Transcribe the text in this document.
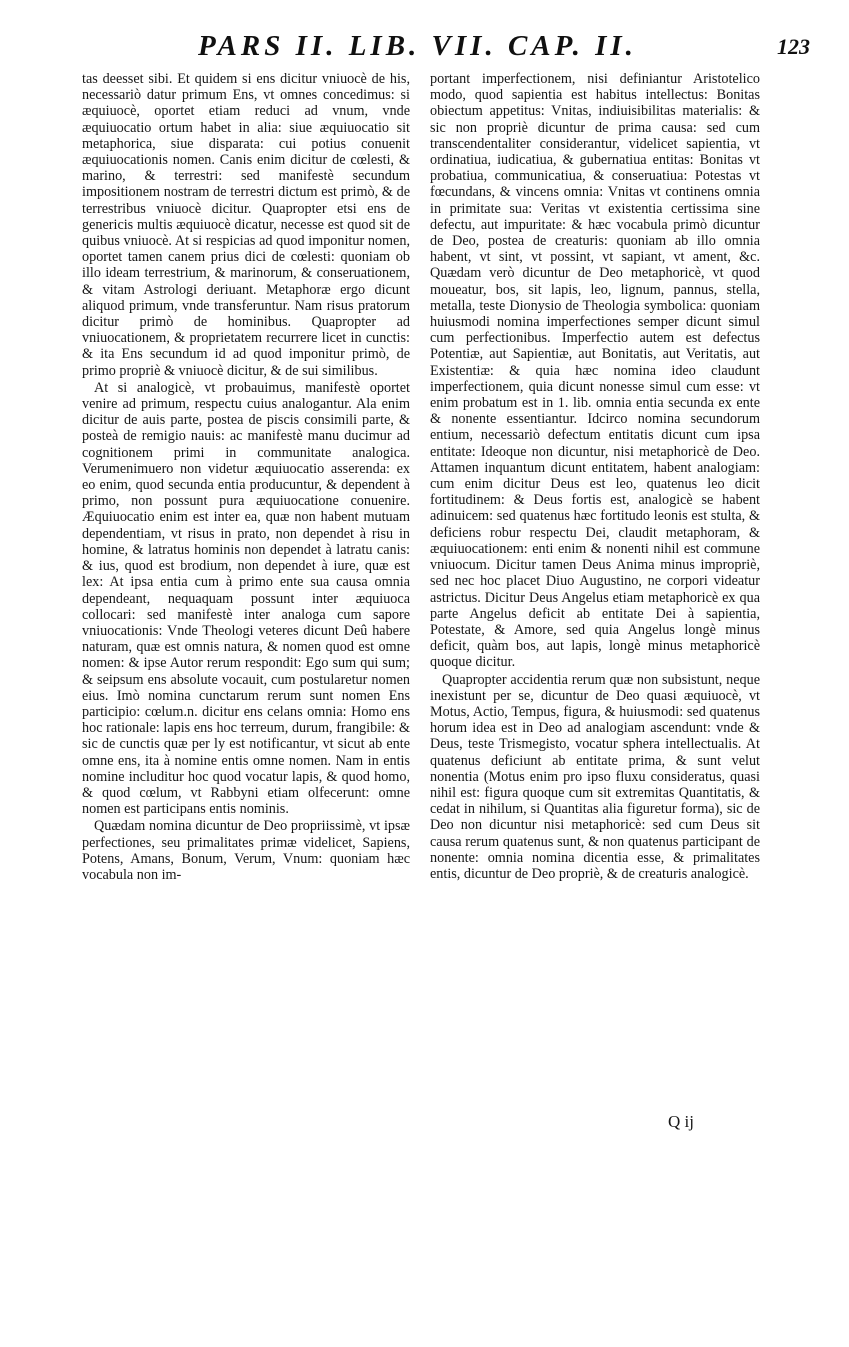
PARS II. LIB. VII. CAP. II.	123

tas deesset sibi. Et quidem si ens dicitur vniuocè de his, necessariò datur primum Ens, vt omnes concedimus: si æquiuocè, oportet etiam reduci ad vnum, vnde æquiuocatio ortum habet in alia: siue æquiuocatio sit metaphorica, siue disparata: cui potius conuenit æquiuocationis nomen. Canis enim dicitur de cœlesti, & marino, & terrestri: sed manifestè secundum impositionem nostram de terrestri dictum est primò, & de terrestribus vniuocè dicitur. Quapropter etsi ens de genericis multis æquiuocè dicatur, necesse est quod sit de quibus vniuocè. At si respicias ad quod imponitur nomen, oportet tamen canem prius dici de cœlesti: quoniam ob illo ideam terrestrium, & marinorum, & conseruationem, & vitam Astrologi deriuant. Metaphoræ ergo dicunt aliquod primum, vnde transferuntur. Nam risus pratorum dicitur primò de hominibus. Quapropter ad vniuocationem, & proprietatem recurrere licet in cunctis: & ita Ens secundum id ad quod imponitur primò, de primo propriè & vniuocè dicitur, & de sui similibus.

At si analogicè, vt probauimus, manifestè oportet venire ad primum, respectu cuius analogantur. Ala enim dicitur de auis parte, postea de piscis consimili parte, & posteà de remigio nauis: ac manifestè manu ducimur ad cognitionem primi in communitate analogica. Verumenimuero non videtur æquiuocatio asserenda: ex eo enim, quod secunda entia producuntur, & dependent à primo, non possunt pura æquiuocatione conuenire. Æquiuocatio enim est inter ea, quæ non habent mutuam dependentiam, vt risus in prato, non dependet à risu in homine, & latratus hominis non dependet à latratu canis: & ius, quod est brodium, non dependet à iure, quæ est lex: At ipsa entia cum à primo ente sua causa omnia dependeant, nequaquam possunt inter æquiuoca collocari: sed manifestè inter analoga cum sapore vniuocationis: Vnde Theologi veteres dicunt Deû habere naturam, quæ est omnis natura, & nomen quod est omne nomen: & ipse Autor rerum respondit: Ego sum qui sum; & seipsum ens absolute vocauit, cum postularetur nomen eius. Imò nomina cunctarum rerum sunt nomen Ens participio: cœlum.n. dicitur ens celans omnia: Homo ens hoc rationale: lapis ens hoc terreum, durum, frangibile: & sic de cunctis quæ per ly est notificantur, vt sicut ab ente omne ens, ita à nomine entis omne nomen. Nam in entis nomine includitur hoc quod vocatur lapis, & quod homo, & quod cœlum, vt Rabbyni etiam olfecerunt: omne nomen est participans entis nominis.

Quædam nomina dicuntur de Deo propriissimè, vt ipsæ perfectiones, seu primalitates primæ videlicet, Sapiens, Potens, Amans, Bonum, Verum, Vnum: quoniam hæc vocabula non im-

portant imperfectionem, nisi definiantur Aristotelico modo, quod sapientia est habitus intellectus: Bonitas obiectum appetitus: Vnitas, indiuisibilitas materialis: & sic non propriè dicuntur de prima causa: sed cum transcendentaliter considerantur, videlicet sapientia, vt ordinatiua, iudicatiua, & gubernatiua entitas: Bonitas vt probatiua, communicatiua, & conseruatiua: Potestas vt fœcundans, & vincens omnia: Vnitas vt continens omnia in primitate sua: Veritas vt existentia certissima sine defectu, aut impuritate: & hæc vocabula primò dicuntur de Deo, postea de creaturis: quoniam ab illo omnia habent, vt sint, vt possint, vt sapiant, vt ament, &c. Quædam verò dicuntur de Deo metaphoricè, vt quod moueatur, bos, sit lapis, leo, lignum, pannus, stella, metalla, teste Dionysio de Theologia symbolica: quoniam huiusmodi nomina imperfectiones semper dicunt simul cum perfectionibus. Imperfectio autem est defectus Potentiæ, aut Sapientiæ, aut Bonitatis, aut Veritatis, aut Existentiæ: & quia hæc nomina ideo claudunt imperfectionem, quia dicunt nonesse simul cum esse: vt enim probatum est in 1. lib. omnia entia secunda ex ente & nonente essentiantur. Idcirco nomina secundorum entium, necessariò defectum entitatis dicunt cum ipsa entitate: Ideoque non dicuntur, nisi metaphoricè de Deo. Attamen inquantum dicunt entitatem, habent analogiam: cum enim dicitur Deus est leo, quatenus leo dicit fortitudinem: & Deus fortis est, analogicè se habent adinuicem: sed quatenus hæc fortitudo leonis est stulta, & deficiens robur respectu Dei, claudit metaphoram, & æquiuocationem: enti enim & nonenti nihil est commune vniuocum. Dicitur tamen Deus Anima minus impropriè, sed nec hoc placet Diuo Augustino, ne corpori videatur astrictus. Dicitur Deus Angelus etiam metaphoricè ex qua parte Angelus deficit ab entitate Dei à sapientia, Potestate, & Amore, sed quia Angelus longè minus deficit, quàm bos, aut lapis, longè minus metaphoricè quoque dicitur.

Quapropter accidentia rerum quæ non subsistunt, neque inexistunt per se, dicuntur de Deo quasi æquiuocè, vt Motus, Actio, Tempus, figura, & huiusmodi: sed quatenus horum idea est in Deo ad analogiam ascendunt: vnde & Deus, teste Trismegisto, vocatur sphera intellectualis. At quatenus deficiunt ab entitate prima, & sunt velut nonentia (Motus enim pro ipso fluxu consideratus, quasi nihil est: figura quoque cum sit extremitas Quantitatis, & cedat in nihilum, si Quantitas alia figuretur forma), sic de Deo non dicuntur nisi metaphoricè: sed cum Deus sit causa rerum quatenus sunt, & non quatenus participant de nonente: omnia nomina dicentia esse, & primalitates entis, dicuntur de Deo propriè, & de creaturis analogicè.

Q ij
